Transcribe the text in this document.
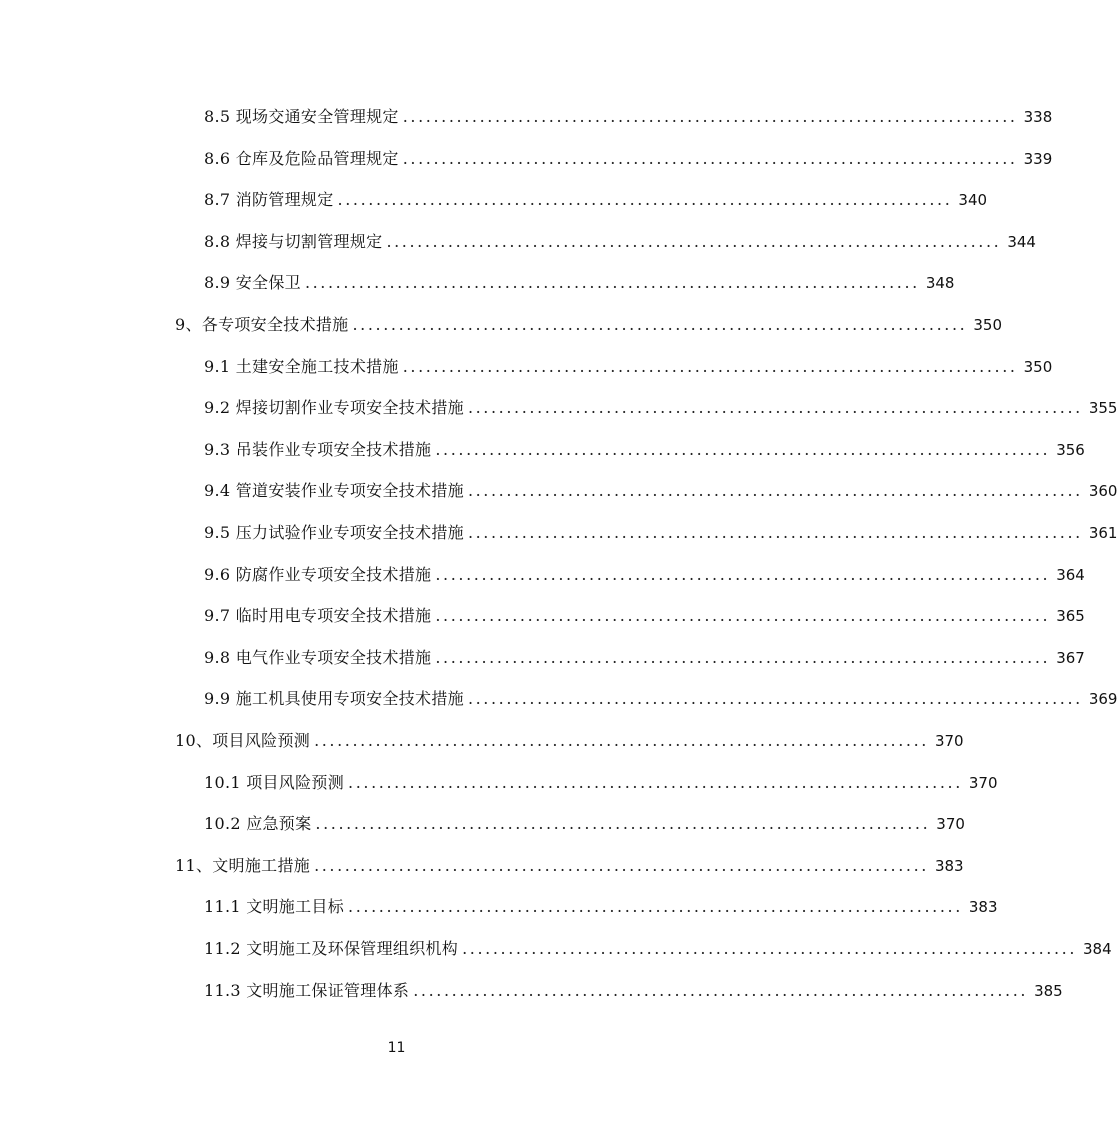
8.5 现场交通安全管理规定 ................................................................................ 338
8.6 仓库及危险品管理规定 ................................................................................ 339
8.7 消防管理规定 ................................................................................ 340
8.8 焊接与切割管理规定 ................................................................................ 344
8.9 安全保卫 ................................................................................ 348
9、各专项安全技术措施 ................................................................................ 350
9.1 土建安全施工技术措施 ................................................................................ 350
9.2 焊接切割作业专项安全技术措施 ................................................................................ 355
9.3 吊装作业专项安全技术措施 ................................................................................ 356
9.4 管道安装作业专项安全技术措施 ................................................................................ 360
9.5 压力试验作业专项安全技术措施 ................................................................................ 361
9.6 防腐作业专项安全技术措施 ................................................................................ 364
9.7 临时用电专项安全技术措施 ................................................................................ 365
9.8 电气作业专项安全技术措施 ................................................................................ 367
9.9 施工机具使用专项安全技术措施 ................................................................................ 369
10、项目风险预测 ................................................................................ 370
10.1 项目风险预测 ................................................................................ 370
10.2 应急预案 ................................................................................ 370
11、文明施工措施 ................................................................................ 383
11.1 文明施工目标 ................................................................................ 383
11.2 文明施工及环保管理组织机构 ................................................................................ 384
11.3 文明施工保证管理体系 ................................................................................ 385
11
